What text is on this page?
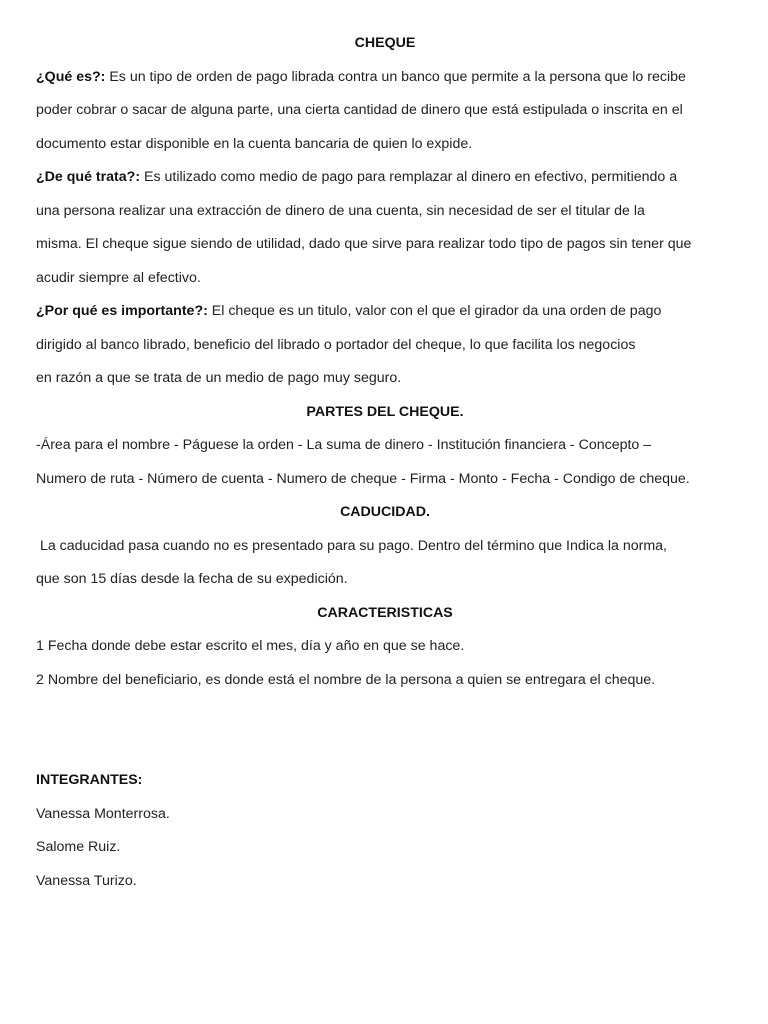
CHEQUE
¿Qué es?: Es un tipo de orden de pago librada contra un banco que permite a la persona que lo recibe
poder cobrar o sacar de alguna parte, una cierta cantidad de dinero que está estipulada o inscrita en el
documento estar disponible en la cuenta bancaria de quien lo expide.
¿De qué trata?: Es utilizado como medio de pago para remplazar al dinero en efectivo, permitiendo a
una persona realizar una extracción de dinero de una cuenta, sin necesidad de ser el titular de la
misma. El cheque sigue siendo de utilidad, dado que sirve para realizar todo tipo de pagos sin tener que
acudir siempre al efectivo.
¿Por qué es importante?: El cheque es un titulo, valor con el que el girador da una orden de pago
dirigido al banco librado, beneficio del librado o portador del cheque, lo que facilita los negocios
en razón a que se trata de un medio de pago muy seguro.
PARTES DEL CHEQUE.
-Área para el nombre - Páguese la orden - La suma de dinero - Institución financiera - Concepto –
Numero de ruta - Número de cuenta - Numero de cheque - Firma - Monto - Fecha - Condigo de cheque.
CADUCIDAD.
La caducidad pasa cuando no es presentado para su pago. Dentro del término que Indica la norma,
que son 15 días desde la fecha de su expedición.
CARACTERISTICAS
1 Fecha donde debe estar escrito el mes, día y año en que se hace.
2 Nombre del beneficiario, es donde está el nombre de la persona a quien se entregara el cheque.
INTEGRANTES:
Vanessa Monterrosa.
Salome Ruiz.
Vanessa Turizo.
